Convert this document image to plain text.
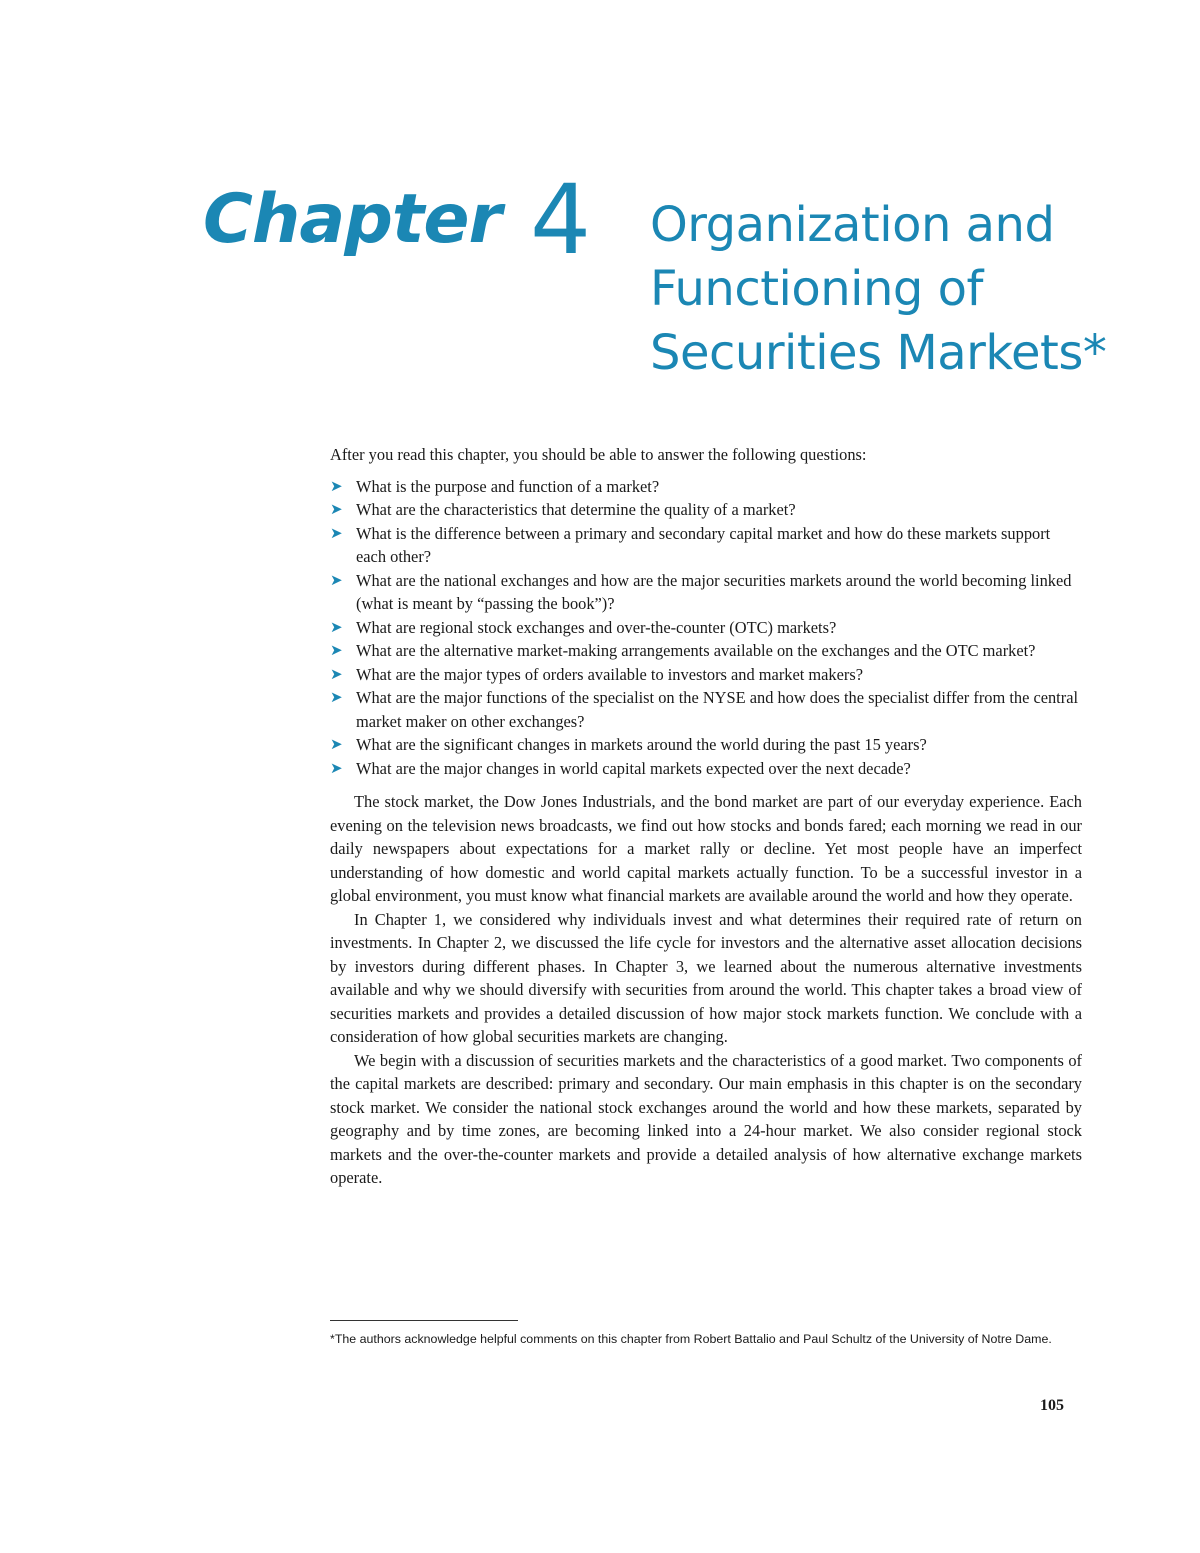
Chapter 4 Organization and
Functioning of
Securities Markets*

After you read this chapter, you should be able to answer the following questions:

➤ What is the purpose and function of a market?
➤ What are the characteristics that determine the quality of a market?
➤ What is the difference between a primary and secondary capital market and how do these markets support each other?
➤ What are the national exchanges and how are the major securities markets around the world becoming linked (what is meant by “passing the book”)?
➤ What are regional stock exchanges and over-the-counter (OTC) markets?
➤ What are the alternative market-making arrangements available on the exchanges and the OTC market?
➤ What are the major types of orders available to investors and market makers?
➤ What are the major functions of the specialist on the NYSE and how does the specialist differ from the central market maker on other exchanges?
➤ What are the significant changes in markets around the world during the past 15 years?
➤ What are the major changes in world capital markets expected over the next decade?

The stock market, the Dow Jones Industrials, and the bond market are part of our everyday experience. Each evening on the television news broadcasts, we find out how stocks and bonds fared; each morning we read in our daily newspapers about expectations for a market rally or decline. Yet most people have an imperfect understanding of how domestic and world capital markets actually function. To be a successful investor in a global environment, you must know what financial markets are available around the world and how they operate.

In Chapter 1, we considered why individuals invest and what determines their required rate of return on investments. In Chapter 2, we discussed the life cycle for investors and the alternative asset allocation decisions by investors during different phases. In Chapter 3, we learned about the numerous alternative investments available and why we should diversify with securities from around the world. This chapter takes a broad view of securities markets and provides a detailed discussion of how major stock markets function. We conclude with a consideration of how global securities markets are changing.

We begin with a discussion of securities markets and the characteristics of a good market. Two components of the capital markets are described: primary and secondary. Our main emphasis in this chapter is on the secondary stock market. We consider the national stock exchanges around the world and how these markets, separated by geography and by time zones, are becoming linked into a 24-hour market. We also consider regional stock markets and the over-the-counter markets and provide a detailed analysis of how alternative exchange markets operate.

*The authors acknowledge helpful comments on this chapter from Robert Battalio and Paul Schultz of the University of Notre Dame.
105
